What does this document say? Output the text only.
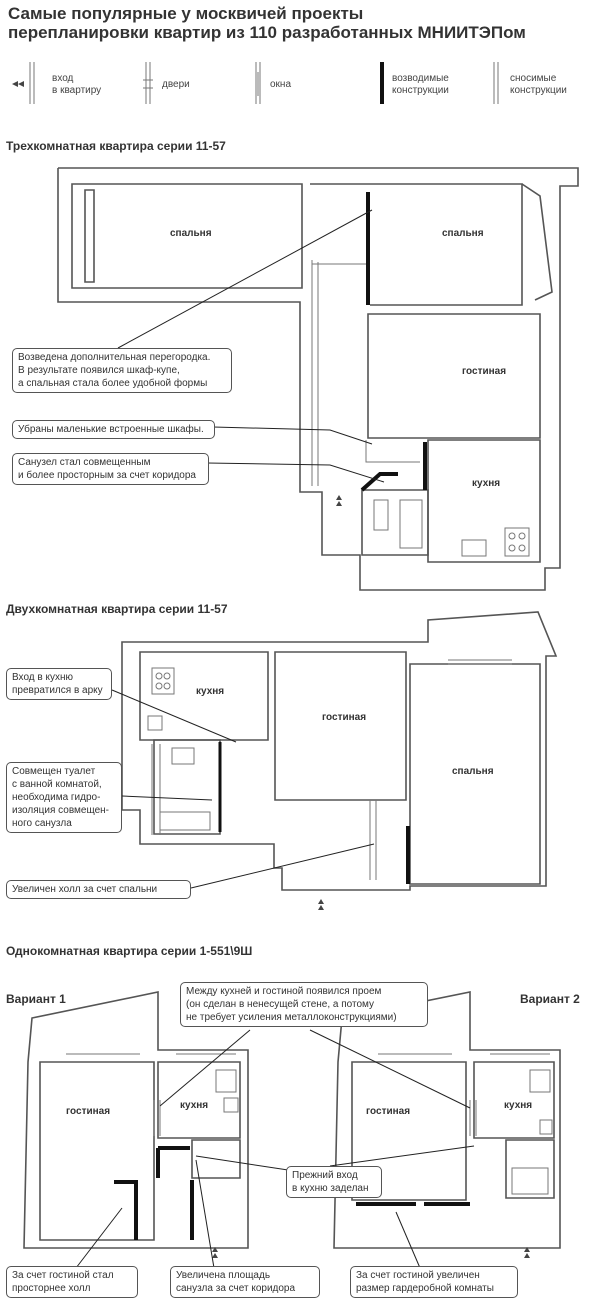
Самые популярные у москвичей проекты
перепланировки квартир из 110 разработанных МНИИТЭПом
вход
в квартиру
двери	окна
возводимые
конструкции
сносимые
конструкции
Трехкомнатная квартира серии 11-57
спальня	спальня
гостиная
кухня
Возведена дополнительная перегородка.
В результате появился шкаф-купе,
а спальная стала более удобной формы
Убраны маленькие встроенные шкафы.
Санузел стал совмещенным
и более просторным за счет коридора
Двухкомнатная квартира серии 11-57
кухня
гостиная
спальня
Вход в кухню
превратился в арку
Совмещен туалет
с ванной комнатой,
необходима гидро-
изоляция совмещен-
ного санузла
Увеличен холл за счет спальни
Однокомнатная квартира серии 1-551\9Ш
Вариант 1	Вариант 2
гостиная
кухня
гостиная
кухня
Между кухней и гостиной появился проем
(он сделан в ненесущей стене, а потому
не требует усиления металлоконструкциями)
Прежний вход
в кухню заделан
За счет гостиной стал
просторнее холл
Увеличена площадь
санузла за счет коридора
За счет гостиной увеличен
размер гардеробной комнаты
